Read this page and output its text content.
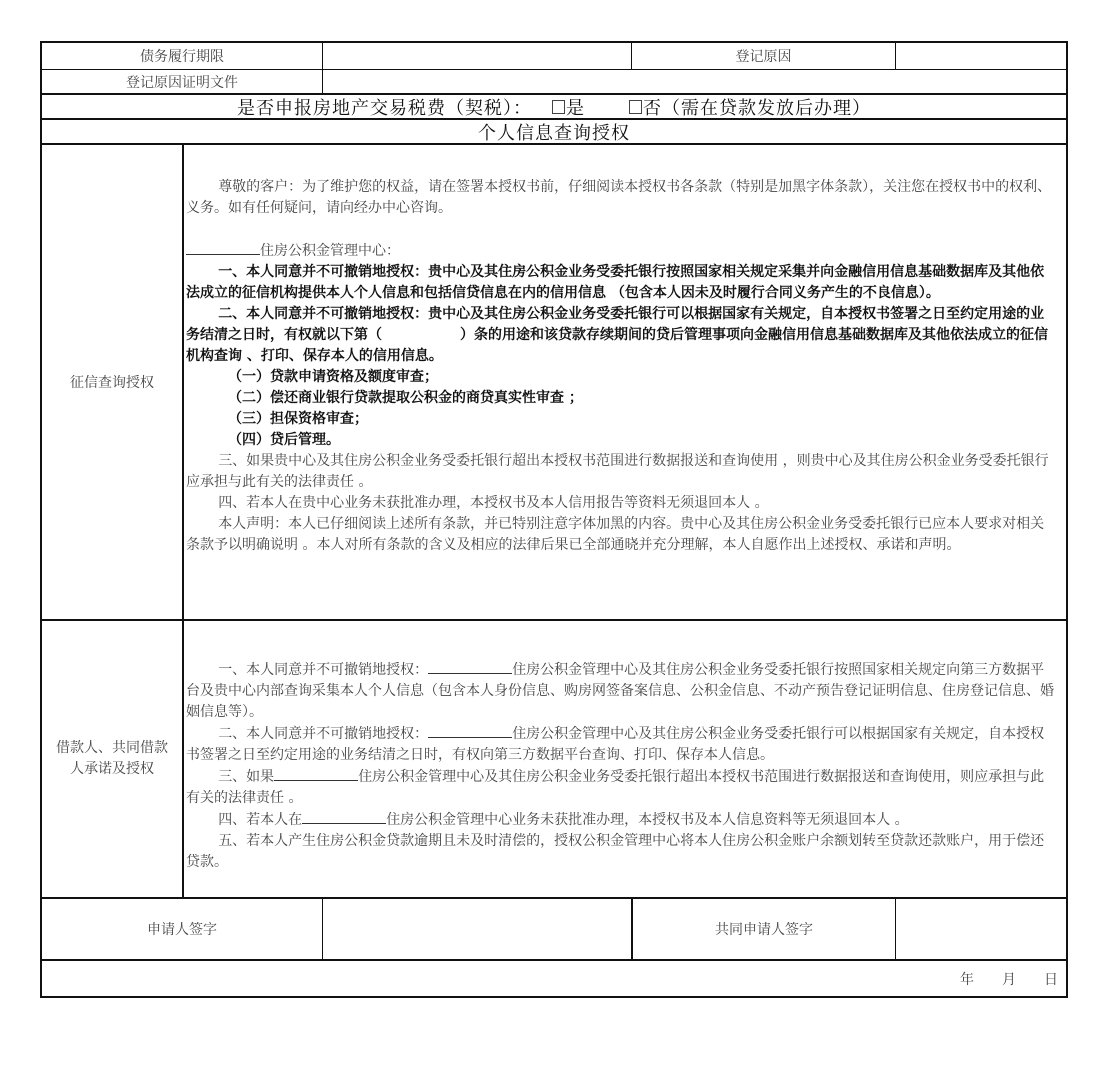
债务履行期限	登记原因
登记原因证明文件
是否申报房地产交易税费（契税）： 是	否（需在贷款发放后办理）
个人信息查询授权
征信查询授权

尊敬的客户：为了维护您的权益，请在签署本授权书前，仔细阅读本授权书各条款（特别是加黑字体条款），关注您在授权书中的权利、义务。如有任何疑问，请向经办中心咨询。

住房公积金管理中心：

一、本人同意并不可撤销地授权：贵中心及其住房公积金业务受委托银行按照国家相关规定采集并向金融信用信息基础数据库及其他依法成立的征信机构提供本人个人信息和包括信贷信息在内的信用信息 （包含本人因未及时履行合同义务产生的不良信息）。

二、本人同意并不可撤销地授权：贵中心及其住房公积金业务受委托银行可以根据国家有关规定，自本授权书签署之日至约定用途的业务结清之日时，有权就以下第（	）条的用途和该贷款存续期间的贷后管理事项向金融信用信息基础数据库及其他依法成立的征信机构查询 、打印、保存本人的信用信息。

（一）贷款申请资格及额度审查；

（二）偿还商业银行贷款提取公积金的商贷真实性审查 ；

（三）担保资格审查；

（四）贷后管理。

三、如果贵中心及其住房公积金业务受委托银行超出本授权书范围进行数据报送和查询使用 ，则贵中心及其住房公积金业务受委托银行应承担与此有关的法律责任 。

四、若本人在贵中心业务未获批准办理，本授权书及本人信用报告等资料无须退回本人 。

本人声明：本人已仔细阅读上述所有条款，并已特别注意字体加黑的内容。贵中心及其住房公积金业务受委托银行已应本人要求对相关条款予以明确说明 。本人对所有条款的含义及相应的法律后果已全部通晓并充分理解，本人自愿作出上述授权、承诺和声明。

借款人、共同借款
人承诺及授权

一、本人同意并不可撤销地授权：	住房公积金管理中心及其住房公积金业务受委托银行按照国家相关规定向第三方数据平台及贵中心内部查询采集本人个人信息（包含本人身份信息、购房网签备案信息、公积金信息、不动产预告登记证明信息、住房登记信息、婚姻信息等）。

二、本人同意并不可撤销地授权：	住房公积金管理中心及其住房公积金业务受委托银行可以根据国家有关规定，自本授权书签署之日至约定用途的业务结清之日时，有权向第三方数据平台查询、打印、保存本人信息。

三、如果	住房公积金管理中心及其住房公积金业务受委托银行超出本授权书范围进行数据报送和查询使用，则应承担与此有关的法律责任 。

四、若本人在	住房公积金管理中心业务未获批准办理，本授权书及本人信息资料等无须退回本人 。

五、若本人产生住房公积金贷款逾期且未及时清偿的，授权公积金管理中心将本人住房公积金账户余额划转至贷款还款账户，用于偿还贷款。

申请人签字	共同申请人签字
年 月 日
